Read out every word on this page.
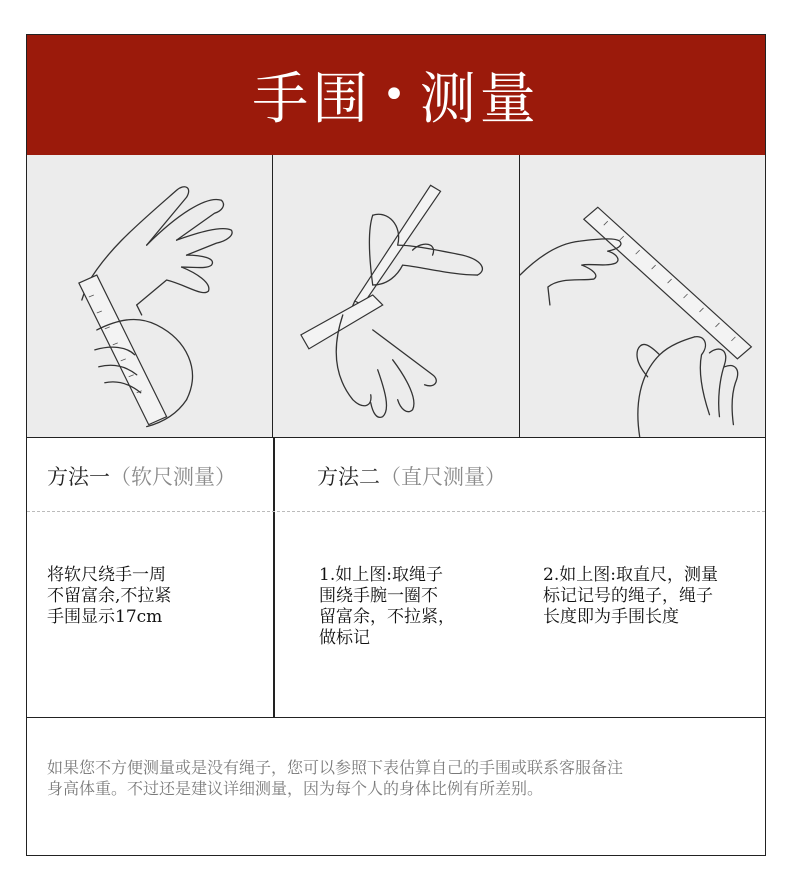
手围 • 测量
方法一（软尺测量）	方法二（直尺测量）
将软尺绕手一周
不留富余,不拉紧
手围显示17cm
1.如上图:取绳子
围绕手腕一圈不
留富余，不拉紧，
做标记
2.如上图:取直尺，测量
标记记号的绳子，绳子
长度即为手围长度
如果您不方便测量或是没有绳子，您可以参照下表估算自己的手围或联系客服备注
身高体重。不过还是建议详细测量，因为每个人的身体比例有所差别。
